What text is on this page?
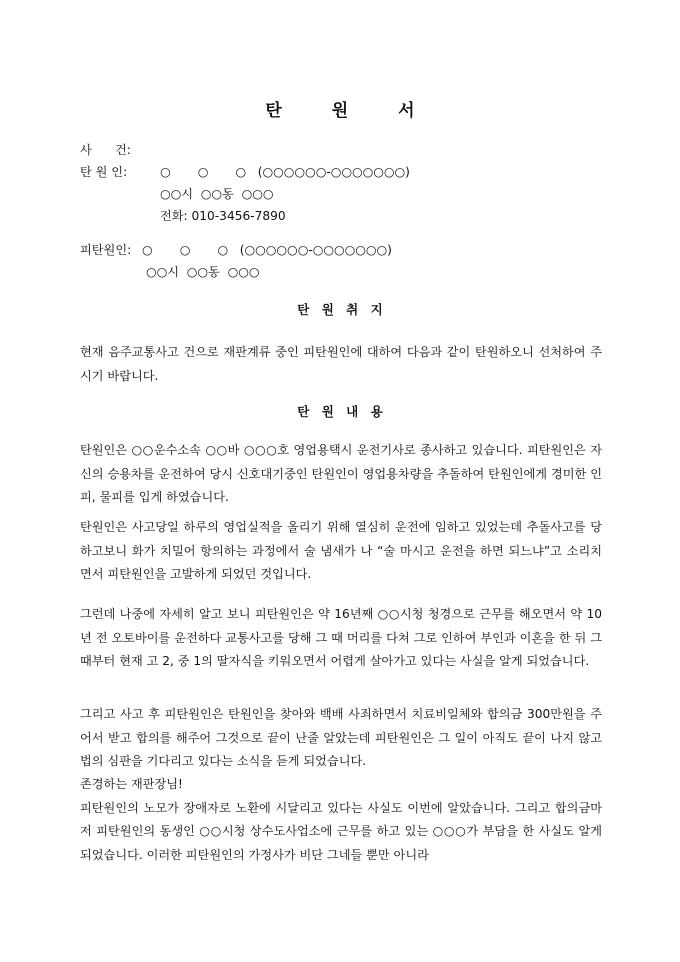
탄	원	서
사      건:
탄 원 인:	○       ○       ○   (○○○○○○-○○○○○○○)
○○시  ○○동  ○○○
전화: 010-3456-7890
피탄원인: ○       ○       ○   (○○○○○○-○○○○○○○)
○○시  ○○동  ○○○
탄 원 취 지
현재 음주교통사고 건으로 재판계류 중인 피탄원인에 대하여 다음과 같이 탄원하오니 선처하여 주시기 바랍니다.
탄 원 내 용
탄원인은 ○○운수소속 ○○바 ○○○호 영업용택시 운전기사로 종사하고 있습니다. 피탄원인은 자신의 승용차를 운전하여 당시 신호대기중인 탄원인이 영업용차량을 추돌하여 탄원인에게 경미한 인피, 물피를 입게 하였습니다.
탄원인은 사고당일 하루의 영업실적을 올리기 위해 열심히 운전에 임하고 있었는데 추돌사고를 당하고보니 화가 치밀어 항의하는 과정에서 술 냄새가 나 “술 마시고 운전을 하면 되느냐”고 소리치면서 피탄원인을 고발하게 되었던 것입니다.
그런데 나중에 자세히 알고 보니 피탄원인은 약 16년째 ○○시청 청경으로 근무를 해오면서 약 10년 전 오토바이를 운전하다 교통사고를 당해 그 때 머리를 다쳐 그로 인하여 부인과 이혼을 한 뒤 그때부터 현재 고 2, 중 1의 딸자식을 키워오면서 어렵게 살아가고 있다는 사실을 알게 되었습니다.
그리고 사고 후 피탄원인은 탄원인을 찾아와 백배 사죄하면서 치료비일체와 합의금 300만원을 주어서 받고 합의를 해주어 그것으로 끝이 난줄 알았는데 피탄원인은 그 일이 아직도 끝이 나지 않고 법의 심판을 기다리고 있다는 소식을 듣게 되었습니다.
존경하는 재판장님!
피탄원인의 노모가 장애자로 노환에 시달리고 있다는 사실도 이번에 알았습니다. 그리고 합의금마저 피탄원인의 동생인 ○○시청 상수도사업소에 근무를 하고 있는 ○○○가 부담을 한 사실도 알게 되었습니다. 이러한 피탄원인의 가정사가 비단 그네들 뿐만 아니라
